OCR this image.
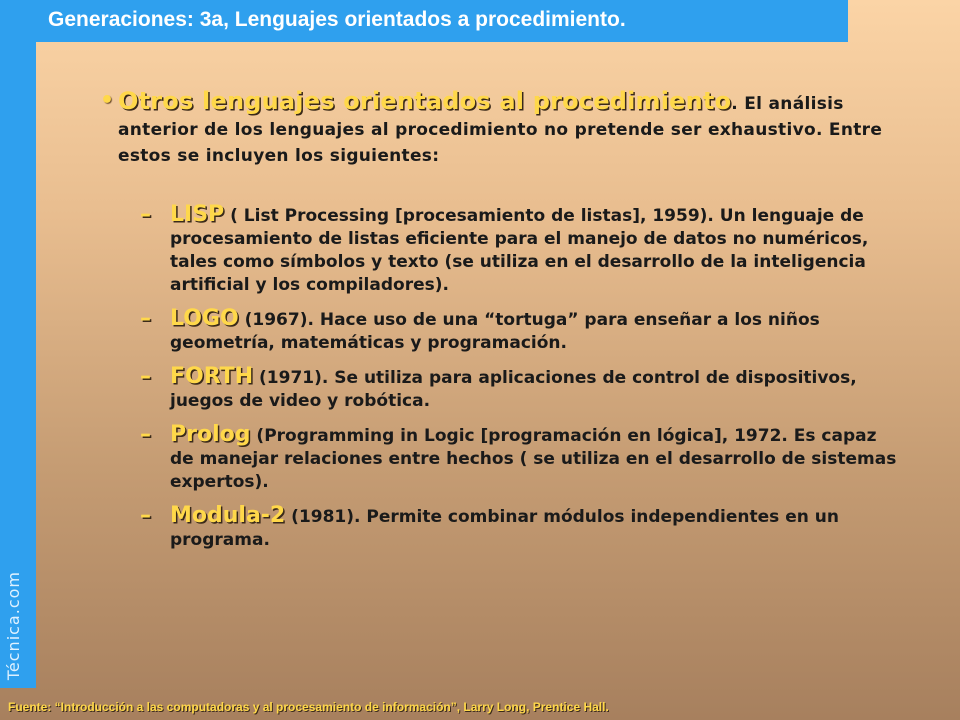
Técnica.com
Generaciones: 3a, Lenguajes orientados a procedimiento.
• Otros lenguajes orientados al procedimiento. El análisis anterior de los lenguajes al procedimiento no pretende ser exhaustivo. Entre estos se incluyen los siguientes:
– LISP ( List Processing [procesamiento de listas], 1959). Un lenguaje de procesamiento de listas eficiente para el manejo de datos no numéricos, tales como símbolos y texto (se utiliza en el desarrollo de la inteligencia artificial y los compiladores).
– LOGO (1967). Hace uso de una “tortuga” para enseñar a los niños geometría, matemáticas y programación.
– FORTH (1971). Se utiliza para aplicaciones de control de dispositivos, juegos de video y robótica.
– Prolog (Programming in Logic [programación en lógica], 1972. Es capaz de manejar relaciones entre hechos ( se utiliza en el desarrollo de sistemas expertos).
– Modula-2 (1981). Permite combinar módulos independientes en un programa.
Fuente: “Introducción a las computadoras y al procesamiento de información”, Larry Long, Prentice Hall.
